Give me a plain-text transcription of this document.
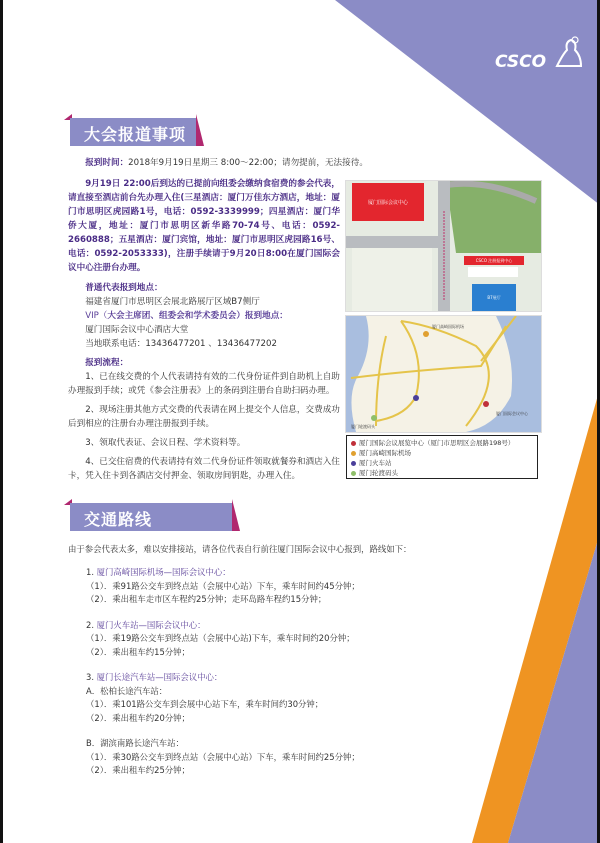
CSCO
大会报道事项

报到时间：2018年9月19日星期三 8:00～22:00；请勿提前，无法接待。

9月19日 22:00后到达的已提前向组委会缴纳食宿费的参会代表，请直接至酒店前台先办理入住(三星酒店：厦门万佳东方酒店，地址：厦门市思明区虎园路1号，电话：0592-3339999；四星酒店：厦门华侨大厦，地址：厦门市思明区新华路70-74号、电话：0592-2660888；五星酒店：厦门宾馆，地址：厦门市思明区虎园路16号、电话：0592-2053333)，注册手续请于9月20日8:00在厦门国际会议中心注册台办理。

普通代表报到地点：

福建省厦门市思明区会展北路展厅区域B7侧厅

VIP（大会主席团、组委会和学术委员会）报到地点：

厦门国际会议中心酒店大堂

当地联系电话：13436477201 、13436477202

报到流程：

1、已在线交费的个人代表请持有效的二代身份证件到自助机上自助办理报到手续；或凭《参会注册表》上的条码到注册台自助扫码办理。

2、现场注册其他方式交费的代表请在网上提交个人信息，交费成功后到相应的注册台办理注册报到手续。

3、领取代表证、会议日程、学术资料等。

4、已交住宿费的代表请持有效二代身份证件领取就餐券和酒店入住卡，凭入住卡到各酒店交付押金、领取房间钥匙，办理入住。

厦门国际会议中心
CSCO 注册报到中心
B7展厅
厦门国际会议中心
厦门高崎国际机场
厦门轮渡码头
厦门国际会议展览中心（厦门市思明区会展路198号）
厦门高崎国际机场
厦门火车站
厦门轮渡码头
交通路线
由于参会代表太多，难以安排接站，请各位代表自行前往厦门国际会议中心报到，路线如下：
1. 厦门高崎国际机场—国际会议中心：
（1）．乘91路公交车到终点站（会展中心站）下车，乘车时间约45分钟；
（2）．乘出租车走市区车程约25分钟；走环岛路车程约15分钟；
2. 厦门火车站—国际会议中心：
（1）．乘19路公交车到终点站（会展中心站)下车，乘车时间约20分钟；
（2）．乘出租车约15分钟；
3. 厦门长途汽车站—国际会议中心：
A．松柏长途汽车站：
（1）．乘101路公交车到会展中心站下车，乘车时间约30分钟；
（2）．乘出租车约20分钟；
B．湖滨南路长途汽车站：
（1）．乘30路公交车到终点站（会展中心站）下车，乘车时间约25分钟；
（2）．乘出租车约25分钟；
